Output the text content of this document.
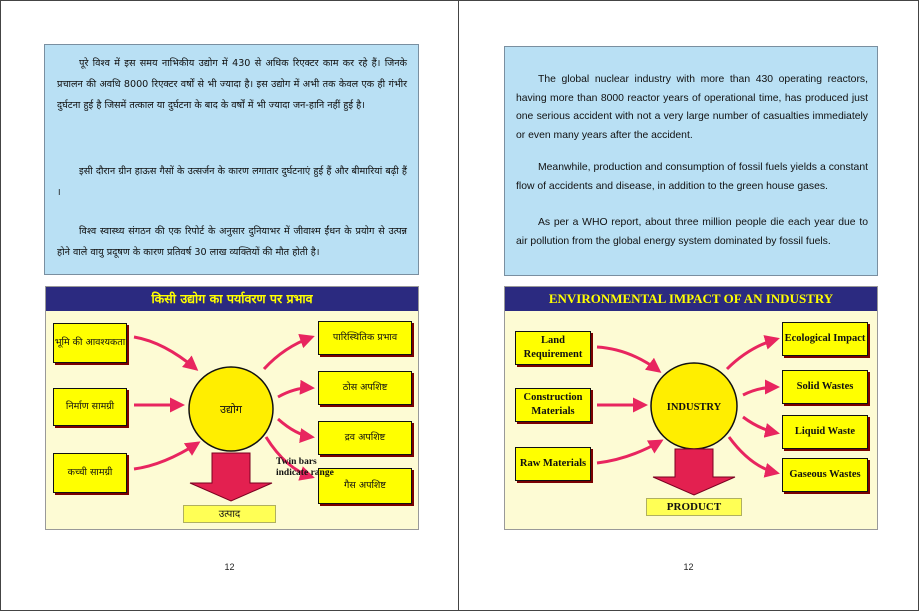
पूरे विश्व में इस समय नाभिकीय उद्योग में 430 से अधिक रिएक्टर काम कर रहे हैं। जिनके प्रचालन की अवधि 8000 रिएक्टर वर्षों से भी ज्यादा है। इस उद्योग में अभी तक केवल एक ही गंभीर दुर्घटना हुई है जिसमें तत्काल या दुर्घटना के बाद के वर्षों में भी ज्यादा जन-हानि नहीं हुई है।

इसी दौरान ग्रीन हाऊस गैसों के उत्सर्जन के कारण लगातार दुर्घटनाएं हुई हैं और बीमारियां बढ़ी हैं ।

विश्व स्वास्थ्य संगठन की एक रिपोर्ट के अनुसार दुनियाभर में जीवाश्म ईंधन के प्रयोग से उत्पन्न होने वाले वायु प्रदूषण के कारण प्रतिवर्ष 30 लाख व्यक्तियों की मौत होती है।

किसी उद्योग का पर्यावरण पर प्रभाव
उद्योग
भूमि की आवश्यकता
निर्माण सामग्री
कच्ची सामग्री
पारिस्थितिक प्रभाव
ठोस अपशिष्ट
द्रव अपशिष्ट
गैस अपशिष्ट
Twin bars indicate range
उत्पाद
12

The global nuclear industry with more than 430 operating reactors, having more than 8000 reactor years of operational time, has produced just one serious accident with not a very large number of casualties immediately or even many years after the accident.

Meanwhile, production and consumption of fossil fuels yields a constant flow of accidents and disease, in addition to the green house gases.

As per a WHO report, about three million people die each year due to air pollution from the global energy system dominated by fossil fuels.

ENVIRONMENTAL IMPACT OF AN INDUSTRY
INDUSTRY
Land Requirement
Construction Materials
Raw Materials
Ecological Impact
Solid Wastes
Liquid Waste
Gaseous Wastes
PRODUCT
12
